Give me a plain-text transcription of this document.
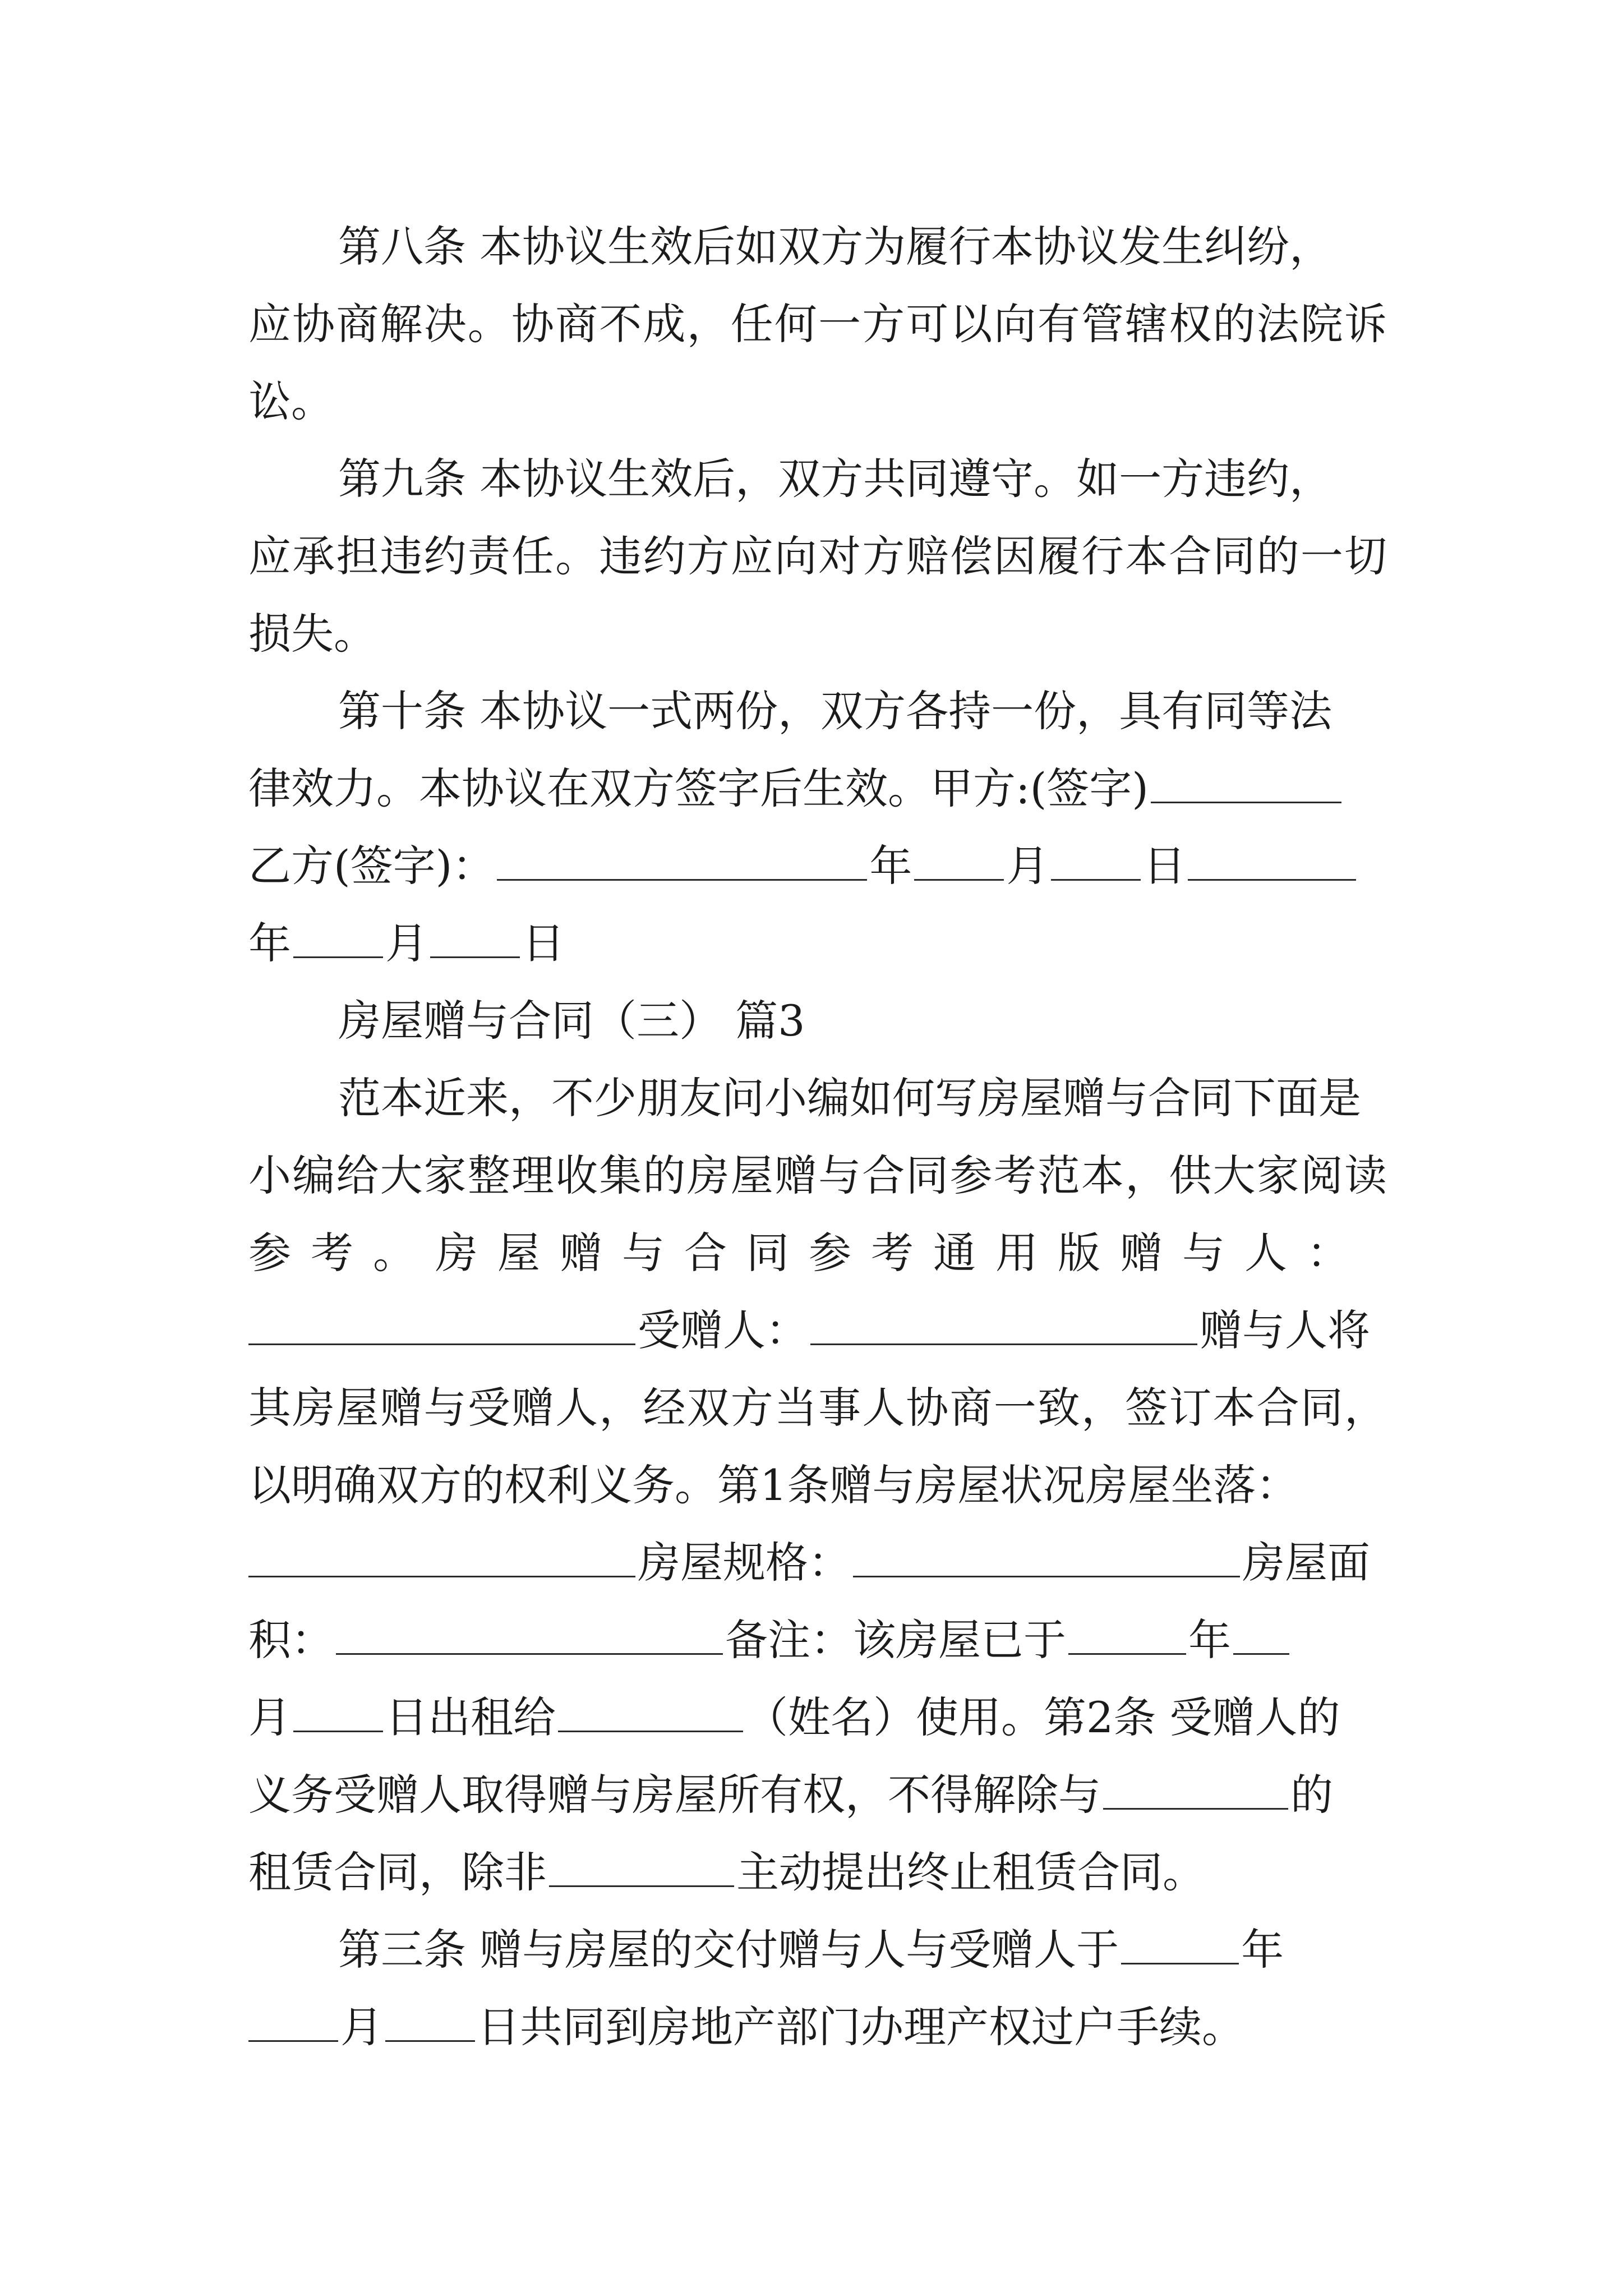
第八条 本协议生效后如双方为履行本协议发生纠纷，
应协商解决。协商不成，任何一方可以向有管辖权的法院诉
讼。
第九条 本协议生效后，双方共同遵守。如一方违约，
应承担违约责任。违约方应向对方赔偿因履行本合同的一切
损失。
第十条 本协议一式两份，双方各持一份，具有同等法
律效力。本协议在双方签字后生效。甲方:(签字)
乙方(签字)：	年 月 日
年 月 日
房屋赠与合同（三） 篇3
范本近来，不少朋友问小编如何写房屋赠与合同下面是
小编给大家整理收集的房屋赠与合同参考范本，供大家阅读
参考。房屋赠与合同参考通用版赠与人：
受赠人：	赠与人将
其房屋赠与受赠人，经双方当事人协商一致，签订本合同，
以明确双方的权利义务。第1条赠与房屋状况房屋坐落：
房屋规格：	房屋面
积：	备注：该房屋已于	年
月 日出租给	（姓名）使用。第2条 受赠人的
义务受赠人取得赠与房屋所有权，不得解除与	的
租赁合同，除非	主动提出终止租赁合同。
第三条 赠与房屋的交付赠与人与受赠人于	年
月 日共同到房地产部门办理产权过户手续。
